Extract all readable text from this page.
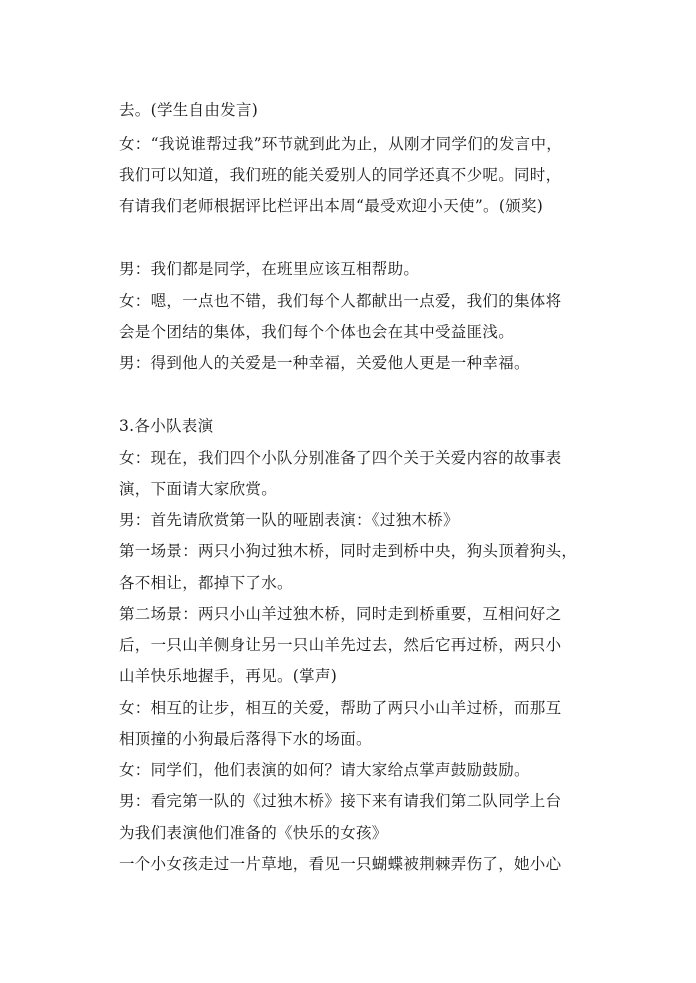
去。(学生自由发言)

女：“我说谁帮过我”环节就到此为止，从刚才同学们的发言中，

我们可以知道，我们班的能关爱别人的同学还真不少呢。同时，

有请我们老师根据评比栏评出本周“最受欢迎小天使”。(颁奖)

男：我们都是同学，在班里应该互相帮助。

女：嗯，一点也不错，我们每个人都献出一点爱，我们的集体将

会是个团结的集体，我们每个个体也会在其中受益匪浅。

男：得到他人的关爱是一种幸福，关爱他人更是一种幸福。

3.各小队表演

女：现在，我们四个小队分别准备了四个关于关爱内容的故事表

演，下面请大家欣赏。

男：首先请欣赏第一队的哑剧表演：《过独木桥》

第一场景：两只小狗过独木桥，同时走到桥中央，狗头顶着狗头，

各不相让，都掉下了水。

第二场景：两只小山羊过独木桥，同时走到桥重要，互相问好之

后，一只山羊侧身让另一只山羊先过去，然后它再过桥，两只小

山羊快乐地握手，再见。(掌声)

女：相互的让步，相互的关爱，帮助了两只小山羊过桥，而那互

相顶撞的小狗最后落得下水的场面。

女：同学们，他们表演的如何？请大家给点掌声鼓励鼓励。

男：看完第一队的《过独木桥》接下来有请我们第二队同学上台

为我们表演他们准备的《快乐的女孩》

一个小女孩走过一片草地，看见一只蝴蝶被荆棘弄伤了，她小心
